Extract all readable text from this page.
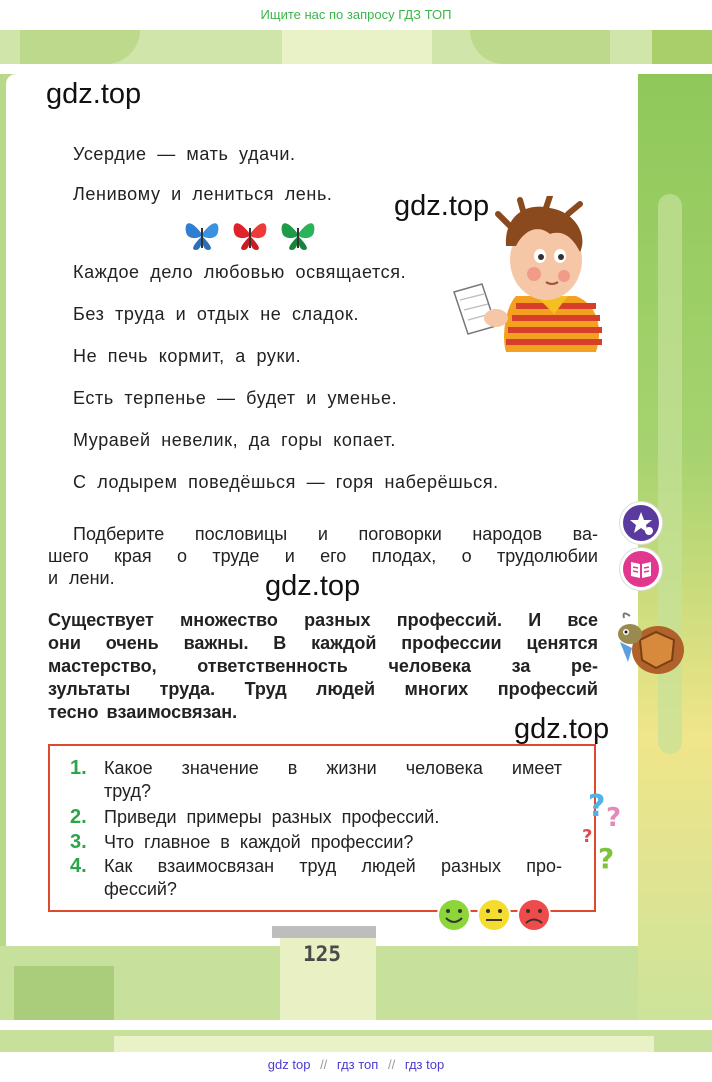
Ищите нас по запросу ГДЗ ТОП
gdz.top
gdz.top
gdz.top
gdz.top
Усердие — мать удачи.
Ленивому и лениться лень.
Каждое дело любовью освящается.
Без труда и отдых не сладок.
Не печь кормит, а руки.
Есть терпенье — будет и уменье.
Муравей невелик, да горы копает.
С лодырем поведёшься — горя наберёшься.
Подберите пословицы и поговорки народов ва-
шего края о труде и его плодах, о трудолюбии
и лени.
Существует множество разных профессий. И все
они очень важны. В каждой профессии ценятся
мастерство, ответственность человека за ре-
зультаты труда. Труд людей многих профессий
тесно взаимосвязан.
1. Какое значение в жизни человека имеет
труд?
2. Приведи примеры разных профессий.
3. Что главное в каждой профессии?
4. Как взаимосвязан труд людей разных про-
фессий?
? ?
?
?
125
gdz top // гдз топ // гдз top
